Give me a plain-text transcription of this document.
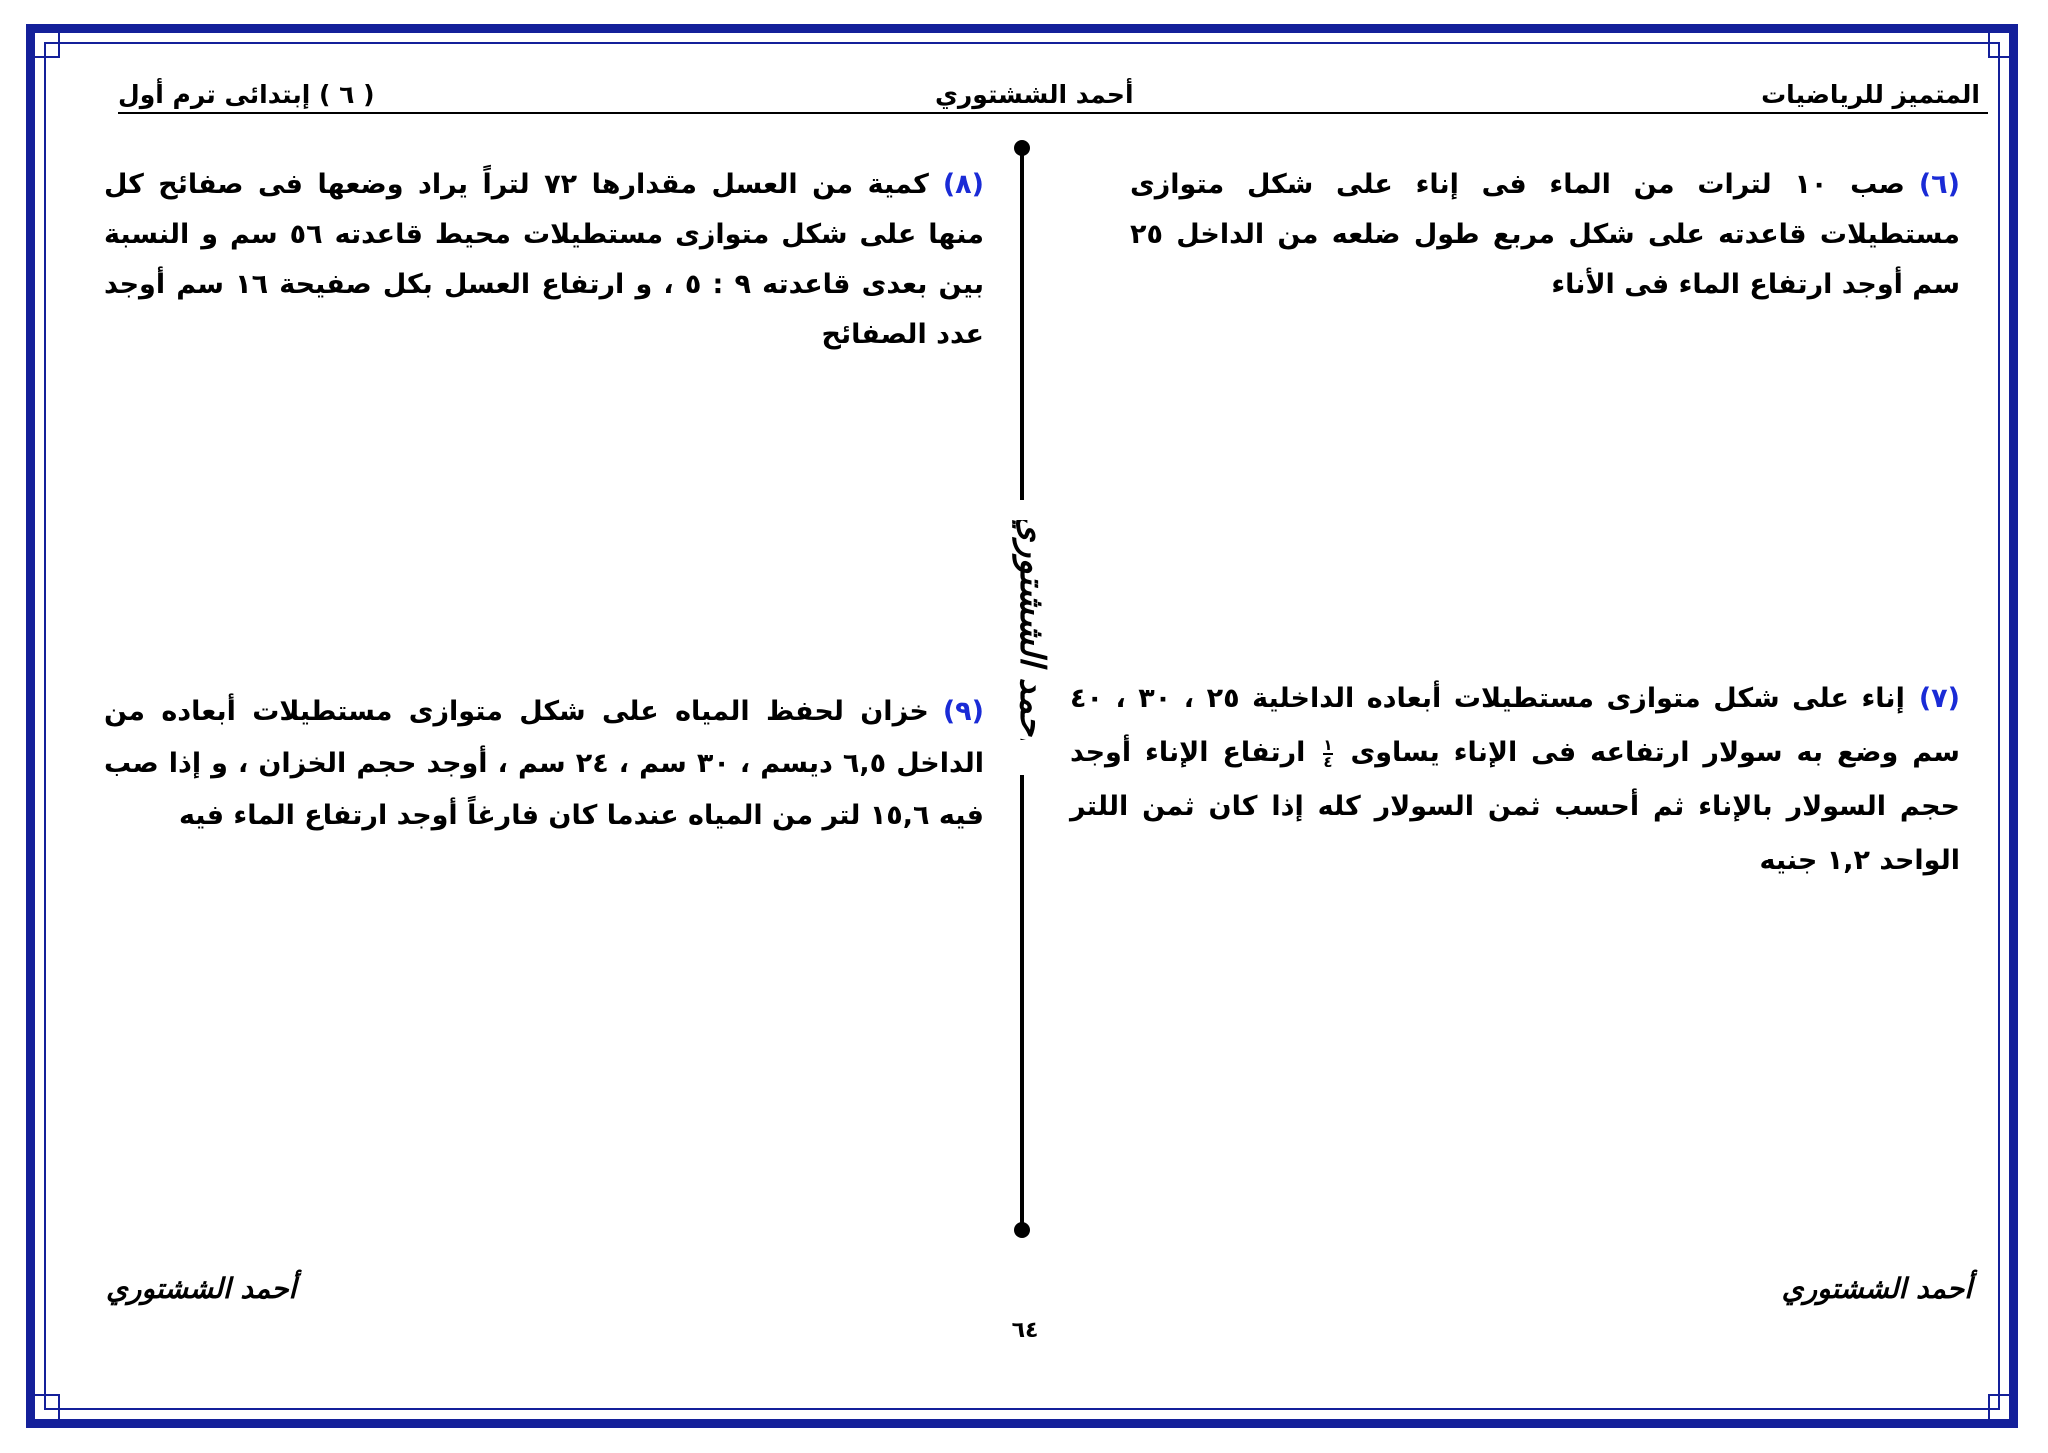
المتميز للرياضيات
أحمد الششتوري
( ٦ ) إبتدائى ترم أول
(٦)صب ١٠ لترات من الماء فى إناء على شكل متوازى مستطيلات قاعدته على شكل مربع طول ضلعه من الداخل ٢٥ سم أوجد ارتفاع الماء فى الأناء
(٧)إناء على شكل متوازى مستطيلات أبعاده الداخلية ٢٥ ، ٣٠ ، ٤٠ سم وضع به سولار ارتفاعه فى الإناء يساوى
$\frac{١}{٤}$
ارتفاع الإناء أوجد حجم السولار بالإناء ثم أحسب ثمن السولار كله إذا كان ثمن اللتر الواحد ١,٢ جنيه
(٨)كمية من العسل مقدارها ٧٢ لتراً يراد وضعها فى صفائح كل منها على شكل متوازى مستطيلات محيط قاعدته ٥٦ سم و النسبة بين بعدى قاعدته ٩ : ٥ ، و ارتفاع العسل بكل صفيحة ١٦ سم أوجد عدد الصفائح
(٩)خزان لحفظ المياه على شكل متوازى مستطيلات أبعاده من الداخل ٦,٥ ديسم ، ٣٠ سم ، ٢٤ سم ، أوجد حجم الخزان ، و إذا صب فيه ١٥,٦ لتر من المياه عندما كان فارغاً أوجد ارتفاع الماء فيه
أحمد الششتوري
أحمد الششتوري
أحمد الششتوري
٦٤
